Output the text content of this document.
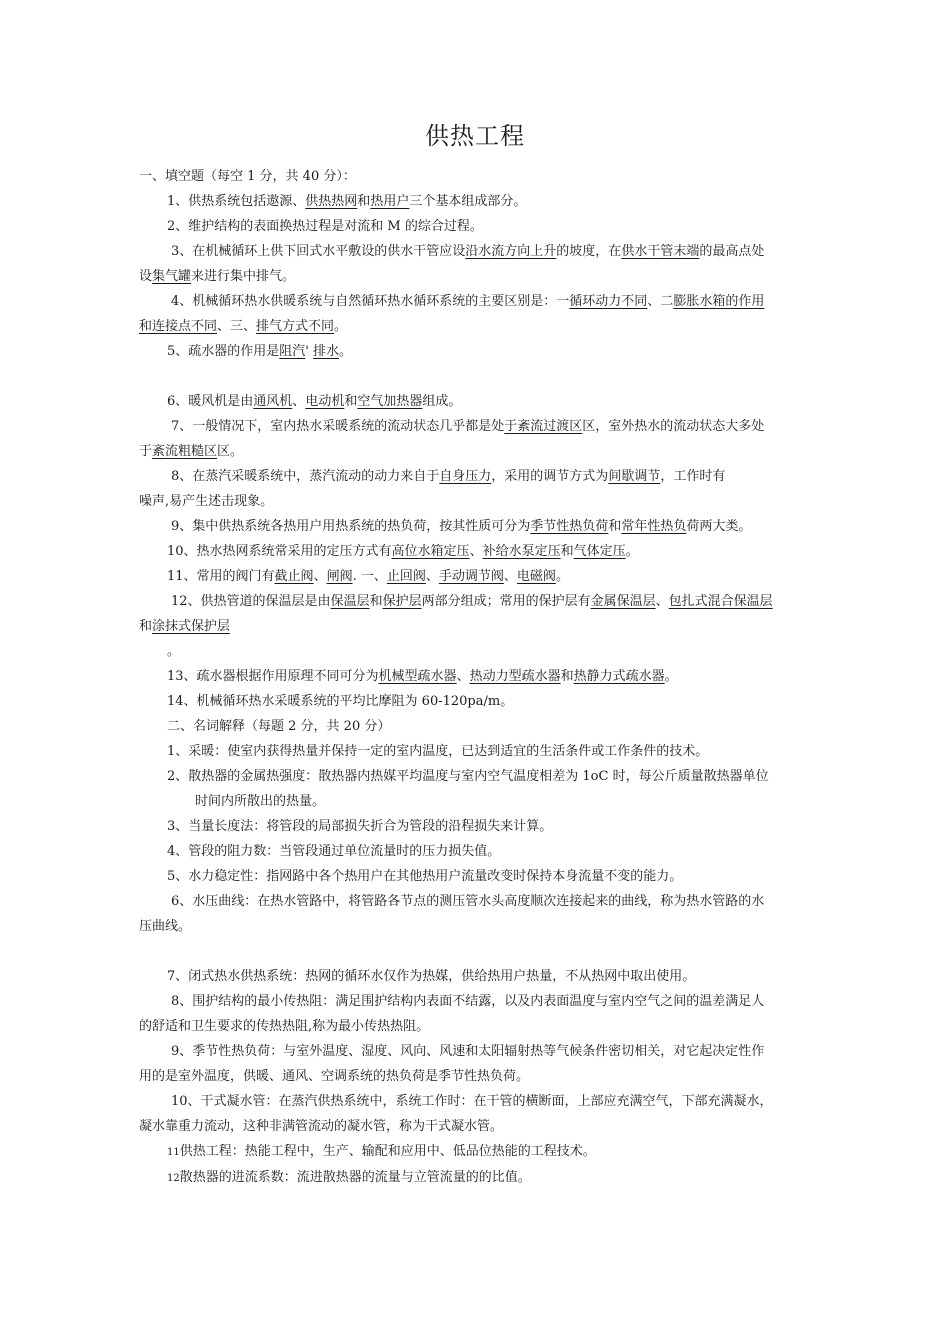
供热工程
一、填空题（每空 1 分，共 40 分）：
1、供热系统包括遨源、供热热网和热用户三个基本组成部分。
2、维护结构的表面换热过程是对流和 M 的综合过程。
3、在机械循环上供下回式水平敷设的供水干管应设沿水流方向上升的坡度，在供水干管末端的最高点处
设集气罐来进行集中排气。
4、机械循环热水供暖系统与自然循环热水循环系统的主要区别是：一循环动力不同、二膨胀水箱的作用
和连接点不同、三、排气方式不同。
5、疏水器的作用是阻汽' 排水。
6、暖风机是由通风机、电动机和空气加热器组成。
7、一般情况下，室内热水采暖系统的流动状态几乎都是处于紊流过渡区区，室外热水的流动状态大多处
于紊流粗糙区区。
8、在蒸汽采暖系统中，蒸汽流动的动力来自于自身压力，采用的调节方式为间歇调节，工作时有
噪声,易产生述击现象。
9、集中供热系统各热用户用热系统的热负荷，按其性质可分为季节性热负荷和常年性热负荷两大类。
10、热水热网系统常采用的定压方式有高位水箱定压、补给水泵定压和气体定压。
11、常用的阀门有截止阀、闸阀. 一、止回阀、手动调节阀、电磁阀。
12、供热管道的保温层是由保温层和保护层两部分组成；常用的保护层有金属保温层、包扎式混合保温层
和涂抹式保护层
。
13、疏水器根据作用原理不同可分为机械型疏水器、热动力型疏水器和热静力式疏水器。
14、机械循环热水采暖系统的平均比摩阻为 60-120pa/m。
二、名词解释（每题 2 分，共 20 分）
1、采暖：使室内获得热量并保持一定的室内温度，已达到适宜的生活条件或工作条件的技术。
2、散热器的金属热强度：散热器内热媒平均温度与室内空气温度相差为 1oC 时，每公斤质量散热器单位
时间内所散出的热量。
3、当量长度法：将管段的局部损失折合为管段的沿程损失来计算。
4、管段的阻力数：当管段通过单位流量时的压力损失值。
5、水力稳定性：指网路中各个热用户在其他热用户流量改变时保持本身流量不变的能力。
6、水压曲线：在热水管路中，将管路各节点的测压管水头高度顺次连接起来的曲线，称为热水管路的水
压曲线。
7、闭式热水供热系统：热网的循环水仅作为热媒，供给热用户热量，不从热网中取出使用。
8、围护结构的最小传热阻：满足围护结构内表面不结露，以及内表面温度与室内空气之间的温差满足人
的舒适和卫生要求的传热热阻,称为最小传热热阻。
9、季节性热负荷：与室外温度、湿度、风向、风速和太阳辐射热等气候条件密切相关，对它起决定性作
用的是室外温度，供暖、通风、空调系统的热负荷是季节性热负荷。
10、干式凝水管：在蒸汽供热系统中，系统工作时：在干管的横断面，上部应充满空气，下部充满凝水，
凝水靠重力流动，这种非满管流动的凝水管，称为干式凝水管。
11供热工程：热能工程中，生产、输配和应用中、低品位热能的工程技术。
12散热器的进流系数：流进散热器的流量与立管流量的的比值。
